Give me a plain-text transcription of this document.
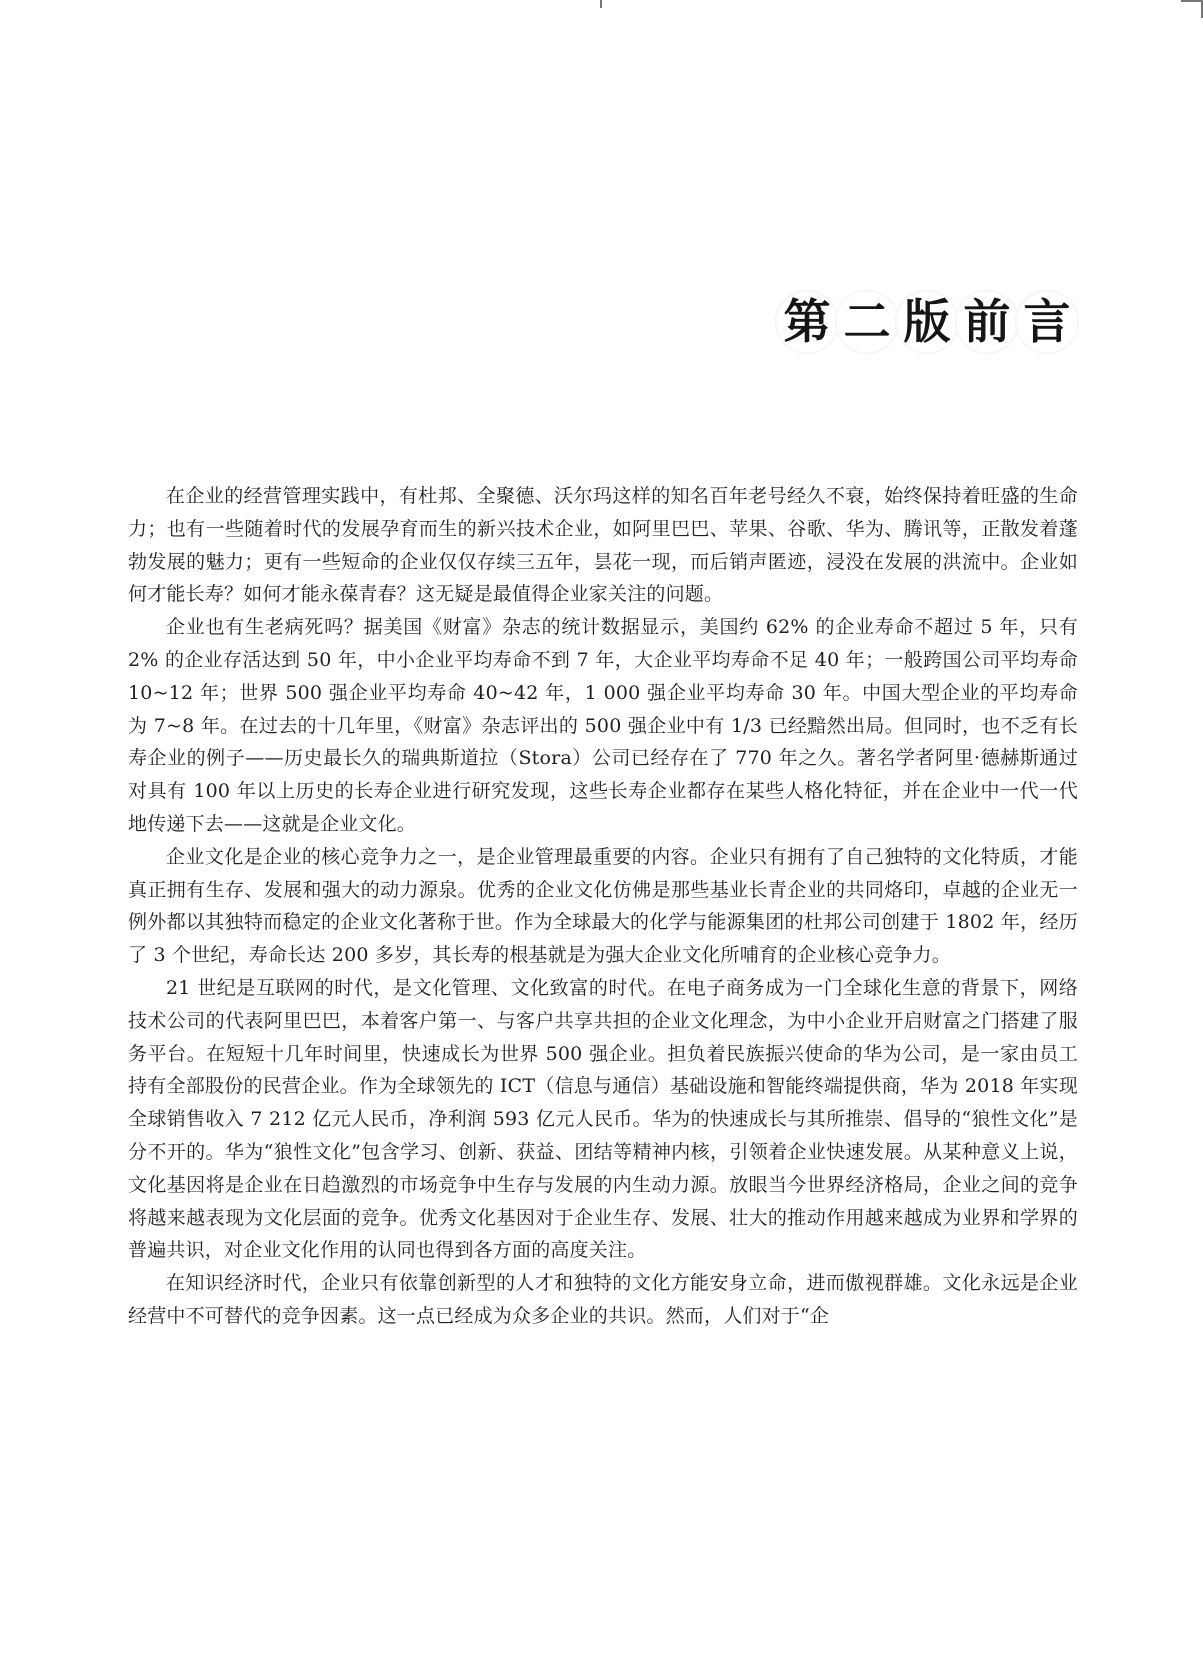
第 二 版 前 言

在企业的经营管理实践中，有杜邦、全聚德、沃尔玛这样的知名百年老号经久不衰，始终保持着旺盛的生命力；也有一些随着时代的发展孕育而生的新兴技术企业，如阿里巴巴、苹果、谷歌、华为、腾讯等，正散发着蓬勃发展的魅力；更有一些短命的企业仅仅存续三五年，昙花一现，而后销声匿迹，浸没在发展的洪流中。企业如何才能长寿？如何才能永葆青春？这无疑是最值得企业家关注的问题。

企业也有生老病死吗？据美国《财富》杂志的统计数据显示，美国约 62% 的企业寿命不超过 5 年，只有 2% 的企业存活达到 50 年，中小企业平均寿命不到 7 年，大企业平均寿命不足 40 年；一般跨国公司平均寿命 10~12 年；世界 500 强企业平均寿命 40~42 年，1 000 强企业平均寿命 30 年。中国大型企业的平均寿命为 7~8 年。在过去的十几年里，《财富》杂志评出的 500 强企业中有 1/3 已经黯然出局。但同时，也不乏有长寿企业的例子——历史最长久的瑞典斯道拉（Stora）公司已经存在了 770 年之久。著名学者阿里·德赫斯通过对具有 100 年以上历史的长寿企业进行研究发现，这些长寿企业都存在某些人格化特征，并在企业中一代一代地传递下去——这就是企业文化。

企业文化是企业的核心竞争力之一，是企业管理最重要的内容。企业只有拥有了自己独特的文化特质，才能真正拥有生存、发展和强大的动力源泉。优秀的企业文化仿佛是那些基业长青企业的共同烙印，卓越的企业无一例外都以其独特而稳定的企业文化著称于世。作为全球最大的化学与能源集团的杜邦公司创建于 1802 年，经历了 3 个世纪，寿命长达 200 多岁，其长寿的根基就是为强大企业文化所哺育的企业核心竞争力。

21 世纪是互联网的时代，是文化管理、文化致富的时代。在电子商务成为一门全球化生意的背景下，网络技术公司的代表阿里巴巴，本着客户第一、与客户共享共担的企业文化理念，为中小企业开启财富之门搭建了服务平台。在短短十几年时间里，快速成长为世界 500 强企业。担负着民族振兴使命的华为公司，是一家由员工持有全部股份的民营企业。作为全球领先的 ICT（信息与通信）基础设施和智能终端提供商，华为 2018 年实现全球销售收入 7 212 亿元人民币，净利润 593 亿元人民币。华为的快速成长与其所推崇、倡导的“狼性文化”是分不开的。华为“狼性文化”包含学习、创新、获益、团结等精神内核，引领着企业快速发展。从某种意义上说，文化基因将是企业在日趋激烈的市场竞争中生存与发展的内生动力源。放眼当今世界经济格局，企业之间的竞争将越来越表现为文化层面的竞争。优秀文化基因对于企业生存、发展、壮大的推动作用越来越成为业界和学界的普遍共识，对企业文化作用的认同也得到各方面的高度关注。

在知识经济时代，企业只有依靠创新型的人才和独特的文化方能安身立命，进而傲视群雄。文化永远是企业经营中不可替代的竞争因素。这一点已经成为众多企业的共识。然而，人们对于“企
